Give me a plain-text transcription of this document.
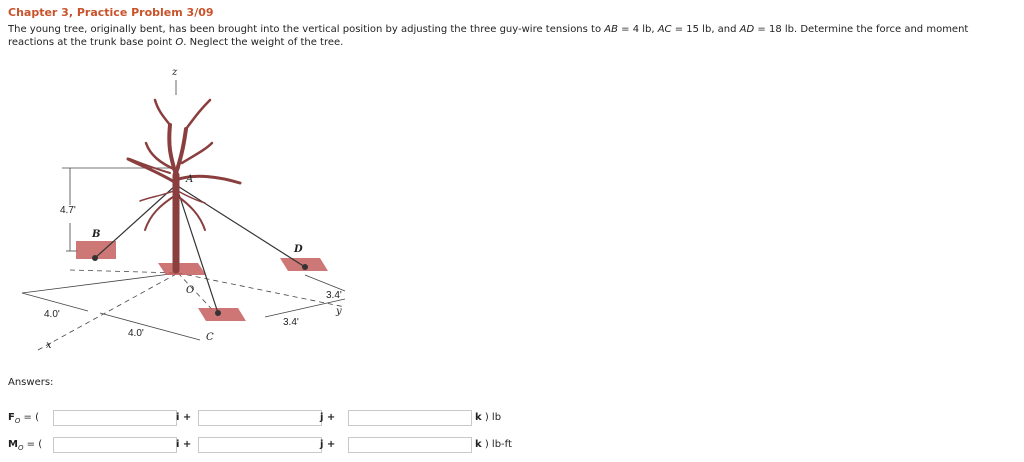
Chapter 3, Practice Problem 3/09
The young tree, originally bent, has been brought into the vertical position by adjusting the three guy-wire tensions to AB = 4 lb, AC = 15 lb, and AD = 18 lb. Determine the force and moment
reactions at the trunk base point O. Neglect the weight of the tree.
z
A
B
D
O
C
x
y
4.7'
4.0'
4.0'
3.4'
3.4'
Answers:
$F_O$ = (	i +	j +	k ) lb
$M_O$ = (	i +	j +	k ) lb-ft
